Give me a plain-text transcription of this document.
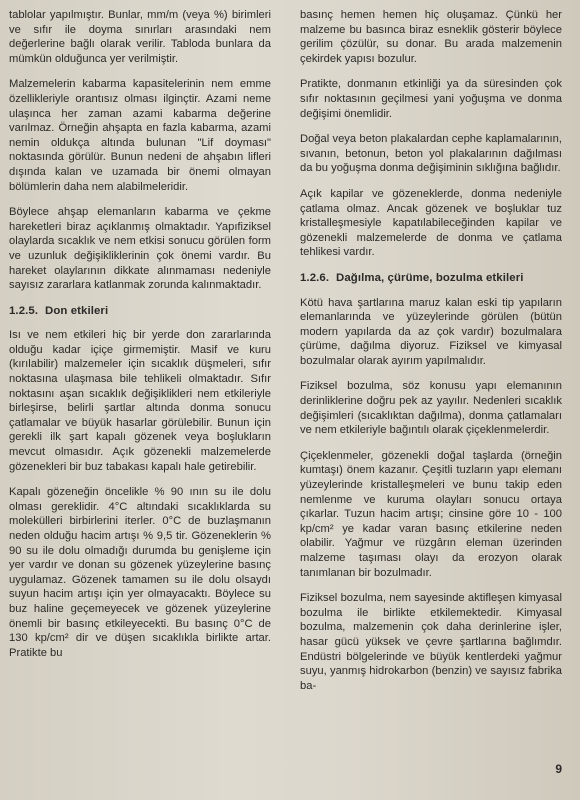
tablolar yapılmıştır. Bunlar, mm/m (veya %) birimleri ve sıfır ile doyma sınırları arasındaki nem değerlerine bağlı olarak verilir. Tabloda bunlara da mümkün olduğunca yer verilmiştir.

Malzemelerin kabarma kapasitelerinin nem emme özellikleriyle orantısız olması ilginçtir. Azami neme ulaşınca her zaman azami kabarma değerine varılmaz. Örneğin ahşapta en fazla kabarma, azami nemin oldukça altında bulunan "Lif doyması" noktasında görülür. Bunun nedeni de ahşabın lifleri dışında kalan ve uzamada bir önemi olmayan bölümlerin daha nem alabilmeleridir.

Böylece ahşap elemanların kabarma ve çekme hareketleri biraz açıklanmış olmaktadır. Yapıfiziksel olaylarda sıcaklık ve nem etkisi sonucu görülen form ve uzunluk değişikliklerinin çok önemi vardır. Bu hareket olaylarının dikkate alınmaması nedeniyle sayısız zararlara katlanmak zorunda kalınmaktadır.

1.2.5. Don etkileri

Isı ve nem etkileri hiç bir yerde don zararlarında olduğu kadar içiçe girmemiştir. Masif ve kuru (kırılabilir) malzemeler için sıcaklık düşmeleri, sıfır noktasına ulaşmasa bile tehlikeli olmaktadır. Sıfır noktasını aşan sıcaklık değişiklikleri nem etkileriyle birleşirse, belirli şartlar altında donma sonucu çatlamalar ve büyük hasarlar görülebilir. Bunun için gerekli ilk şart kapalı gözenek veya boşlukların mevcut olmasıdır. Açık gözenekli malzemelerde gözenekleri bir buz tabakası kapalı hale getirebilir.

Kapalı gözeneğin öncelikle % 90 ının su ile dolu olması gereklidir. 4°C altındaki sıcaklıklarda su molekülleri birbirlerini iterler. 0°C de buzlaşmanın neden olduğu hacim artışı % 9,5 tir. Gözeneklerin % 90 su ile dolu olmadığı durumda bu genişleme için yer vardır ve donan su gözenek yüzeylerine basınç uygulamaz. Gözenek tamamen su ile dolu olsaydı suyun hacim artışı için yer olmayacaktı. Böylece su buz haline geçemeyecek ve gözenek yüzeylerine önemli bir basınç etkileyecekti. Bu basınç 0°C de 130 kp/cm² dir ve düşen sıcaklıkla birlikte artar. Pratikte bu

basınç hemen hemen hiç oluşamaz. Çünkü her malzeme bu basınca biraz esneklik gösterir böylece gerilim çözülür, su donar. Bu arada malzemenin çekirdek yapısı bozulur.

Pratikte, donmanın etkinliği ya da süresinden çok sıfır noktasının geçilmesi yani yoğuşma ve donma değişimi önemlidir.

Doğal veya beton plakalardan cephe kaplamalarının, sıvanın, betonun, beton yol plakalarının dağılması da bu yoğuşma donma değişiminin sıklığına bağlıdır.

Açık kapilar ve gözeneklerde, donma nedeniyle çatlama olmaz. Ancak gözenek ve boşluklar tuz kristalleşmesiyle kapatılabileceğinden kapilar ve gözenekli malzemelerde de donma ve çatlama tehlikesi vardır.

1.2.6. Dağılma, çürüme, bozulma etkileri

Kötü hava şartlarına maruz kalan eski tip yapıların elemanlarında ve yüzeylerinde görülen (bütün modern yapılarda da az çok vardır) bozulmalara çürüme, dağılma diyoruz. Fiziksel ve kimyasal bozulmalar olarak ayırım yapılmalıdır.

Fiziksel bozulma, söz konusu yapı elemanının derinliklerine doğru pek az yayılır. Nedenleri sıcaklık değişimleri (sıcaklıktan dağılma), donma çatlamaları ve nem etkileriyle bağıntılı olarak çiçeklenmelerdir.

Çiçeklenmeler, gözenekli doğal taşlarda (örneğin kumtaşı) önem kazanır. Çeşitli tuzların yapı elemanı yüzeylerinde kristalleşmeleri ve bunu takip eden nemlenme ve kuruma olayları sonucu ortaya çıkarlar. Tuzun hacim artışı; cinsine göre 10 - 100 kp/cm² ye kadar varan basınç etkilerine neden olabilir. Yağmur ve rüzgârın eleman üzerinden malzeme taşıması olayı da erozyon olarak tanımlanan bir bozulmadır.

Fiziksel bozulma, nem sayesinde aktifleşen kimyasal bozulma ile birlikte etkilemektedir. Kimyasal bozulma, malzemenin çok daha derinlerine işler, hasar gücü yüksek ve çevre şartlarına bağlımdır. Endüstri bölgelerinde ve büyük kentlerdeki yağmur suyu, yanmış hidrokarbon (benzin) ve sayısız fabrika ba-

9
